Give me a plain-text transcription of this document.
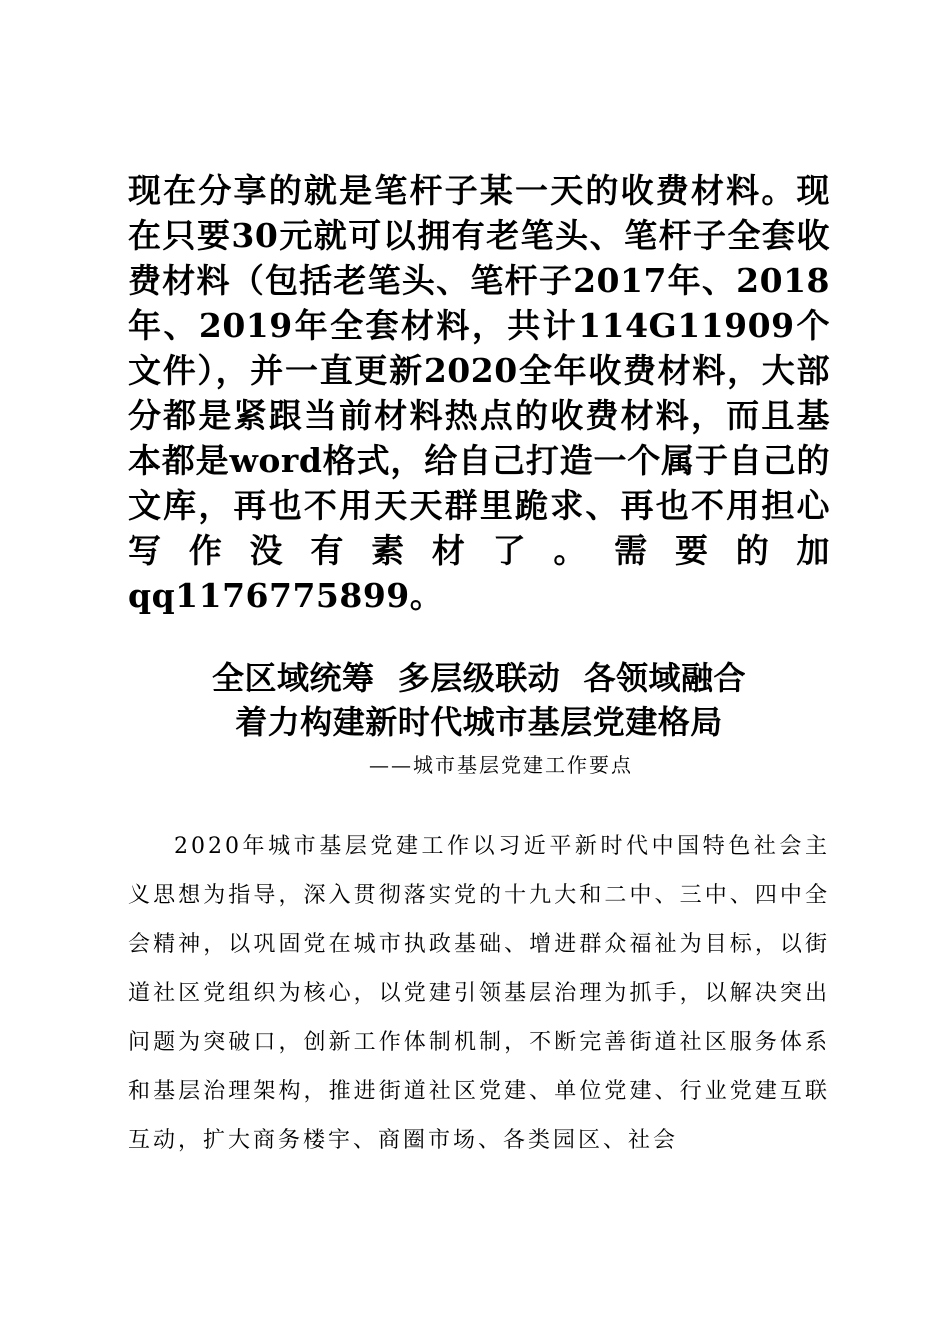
现在分享的就是笔杆子某一天的收费材料。现在只要30元就可以拥有老笔头、笔杆子全套收费材料（包括老笔头、笔杆子2017年、2018年、2019年全套材料，共计114G11909个文件），并一直更新2020全年收费材料，大部分都是紧跟当前材料热点的收费材料，而且基本都是word格式，给自己打造一个属于自己的文库，再也不用天天群里跪求、再也不用担心写作没有素材了。需要的加qq1176775899。

全区域统筹  多层级联动  各领域融合

着力构建新时代城市基层党建格局

——城市基层党建工作要点

2020年城市基层党建工作以习近平新时代中国特色社会主义思想为指导，深入贯彻落实党的十九大和二中、三中、四中全会精神，以巩固党在城市执政基础、增进群众福祉为目标，以街道社区党组织为核心，以党建引领基层治理为抓手，以解决突出问题为突破口，创新工作体制机制，不断完善街道社区服务体系和基层治理架构，推进街道社区党建、单位党建、行业党建互联互动，扩大商务楼宇、商圈市场、各类园区、社会
